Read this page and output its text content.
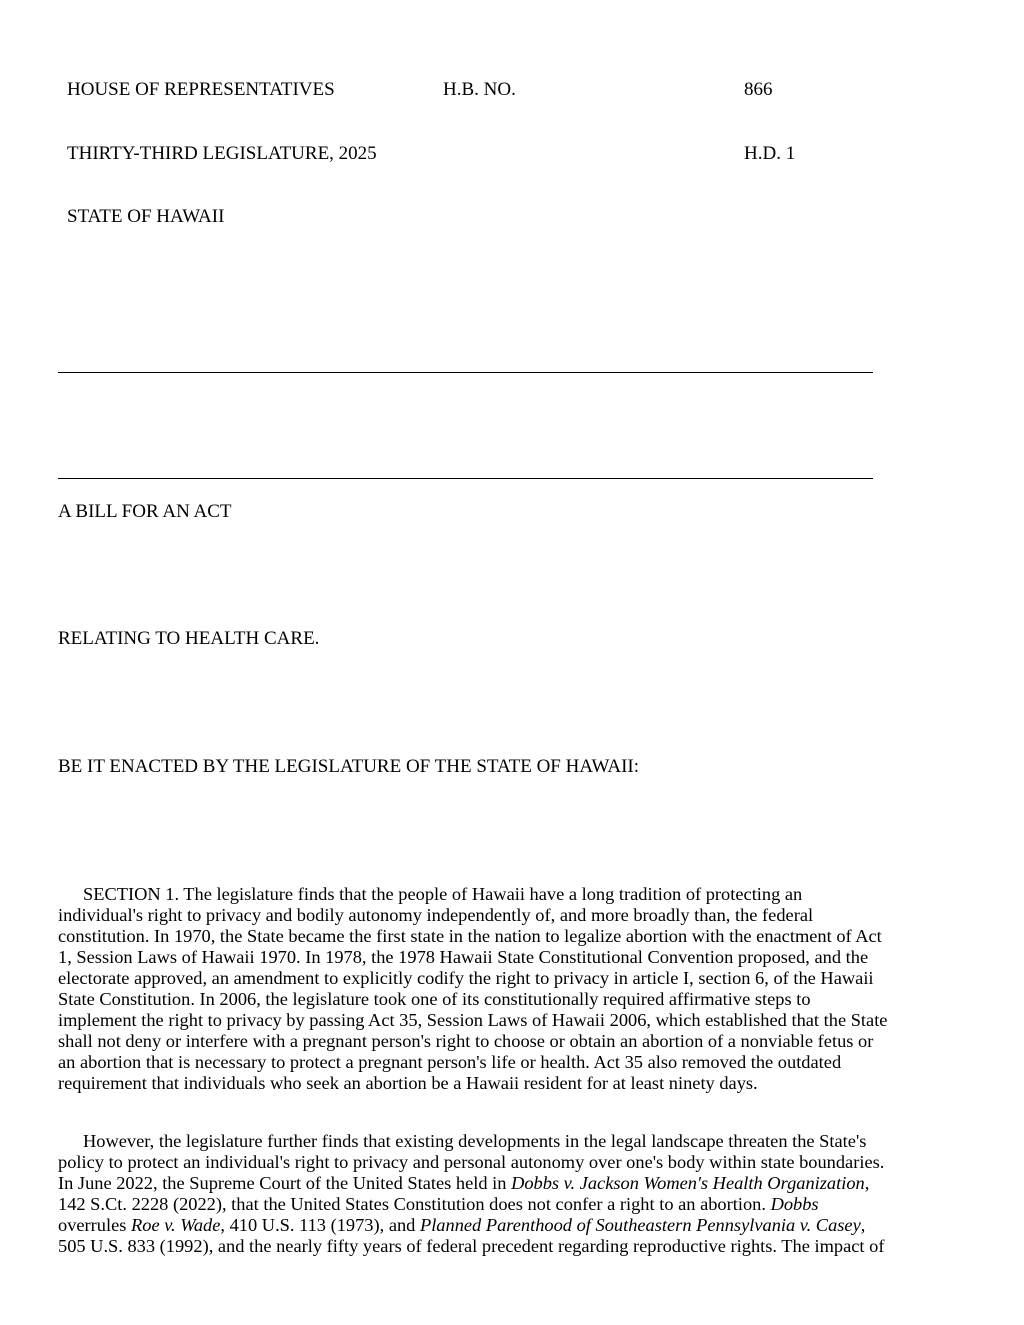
HOUSE OF REPRESENTATIVES	H.B. NO.	866
THIRTY-THIRD LEGISLATURE, 2025	H.D. 1
STATE OF HAWAII
A BILL FOR AN ACT
RELATING TO HEALTH CARE.
BE IT ENACTED BY THE LEGISLATURE OF THE STATE OF HAWAII:
SECTION 1. The legislature finds that the people of Hawaii have a long tradition of protecting an
individual's right to privacy and bodily autonomy independently of, and more broadly than, the federal
constitution. In 1970, the State became the first state in the nation to legalize abortion with the enactment of Act
1, Session Laws of Hawaii 1970. In 1978, the 1978 Hawaii State Constitutional Convention proposed, and the
electorate approved, an amendment to explicitly codify the right to privacy in article I, section 6, of the Hawaii
State Constitution. In 2006, the legislature took one of its constitutionally required affirmative steps to
implement the right to privacy by passing Act 35, Session Laws of Hawaii 2006, which established that the State
shall not deny or interfere with a pregnant person's right to choose or obtain an abortion of a nonviable fetus or
an abortion that is necessary to protect a pregnant person's life or health. Act 35 also removed the outdated
requirement that individuals who seek an abortion be a Hawaii resident for at least ninety days.
However, the legislature further finds that existing developments in the legal landscape threaten the State's
policy to protect an individual's right to privacy and personal autonomy over one's body within state boundaries.
In June 2022, the Supreme Court of the United States held in Dobbs v. Jackson Women's Health Organization,
142 S.Ct. 2228 (2022), that the United States Constitution does not confer a right to an abortion. Dobbs
overrules Roe v. Wade, 410 U.S. 113 (1973), and Planned Parenthood of Southeastern Pennsylvania v. Casey,
505 U.S. 833 (1992), and the nearly fifty years of federal precedent regarding reproductive rights. The impact of
